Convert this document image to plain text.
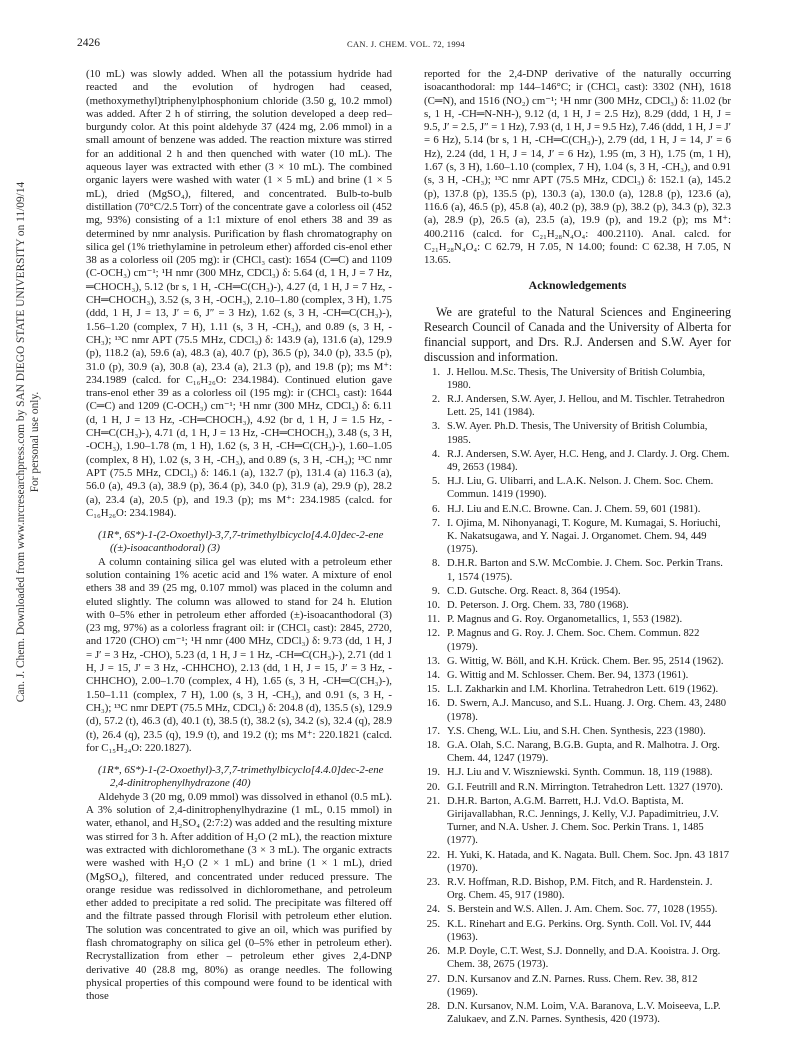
2426	CAN. J. CHEM. VOL. 72, 1994
Can. J. Chem. Downloaded from www.nrcresearchpress.com by SAN DIEGO STATE UNIVERSITY on 11/09/14 For personal use only.

(10 mL) was slowly added. When all the potassium hydride had reacted and the evolution of hydrogen had ceased, (methoxymethyl)triphenylphosphonium chloride (3.50 g, 10.2 mmol) was added. After 2 h of stirring, the solution developed a deep red–burgundy color. At this point aldehyde 37 (424 mg, 2.06 mmol) in a small amount of benzene was added. The reaction mixture was stirred for an additional 2 h and then quenched with water (10 mL). The aqueous layer was extracted with ether (3 × 10 mL). The combined organic layers were washed with water (1 × 5 mL) and brine (1 × 5 mL), dried (MgSO₄), filtered, and concentrated. Bulb-to-bulb distillation (70°C/2.5 Torr) of the concentrate gave a colorless oil (452 mg, 93%) consisting of a 1:1 mixture of enol ethers 38 and 39 as determined by nmr analysis. Purification by flash chromatography on silica gel (1% triethylamine in petroleum ether) afforded cis-enol ether 38 as a colorless oil (205 mg): ir (CHCl₃ cast): 1654 (C═C) and 1109 (C-OCH₃) cm⁻¹; ¹H nmr (300 MHz, CDCl₃) δ: 5.64 (d, 1 H, J = 7 Hz, ═CHOCH₃), 5.12 (br s, 1 H, -CH═C(CH₃)-), 4.27 (d, 1 H, J = 7 Hz, -CH═CHOCH₃), 3.52 (s, 3 H, -OCH₃), 2.10–1.80 (complex, 3 H), 1.75 (ddd, 1 H, J = 13, J′ = 6, J″ = 3 Hz), 1.62 (s, 3 H, -CH═C(CH₃)-), 1.56–1.20 (complex, 7 H), 1.11 (s, 3 H, -CH₃), and 0.89 (s, 3 H, -CH₃); ¹³C nmr APT (75.5 MHz, CDCl₃) δ: 143.9 (a), 131.6 (a), 129.9 (p), 118.2 (a), 59.6 (a), 48.3 (a), 40.7 (p), 36.5 (p), 34.0 (p), 33.5 (p), 31.0 (p), 30.9 (a), 30.8 (a), 23.4 (a), 21.3 (p), and 19.8 (p); ms M⁺: 234.1989 (calcd. for C₁₆H₂₆O: 234.1984). Continued elution gave trans-enol ether 39 as a colorless oil (195 mg): ir (CHCl₃ cast): 1644 (C═C) and 1209 (C-OCH₃) cm⁻¹; ¹H nmr (300 MHz, CDCl₃) δ: 6.11 (d, 1 H, J = 13 Hz, -CH═CHOCH₃), 4.92 (br d, 1 H, J = 1.5 Hz, -CH═C(CH₃)-), 4.71 (d, 1 H, J = 13 Hz, -CH═CHOCH₃), 3.48 (s, 3 H, -OCH₃), 1.90–1.78 (m, 1 H), 1.62 (s, 3 H, -CH═C(CH₃)-), 1.60–1.05 (complex, 8 H), 1.02 (s, 3 H, -CH₃), and 0.89 (s, 3 H, -CH₃); ¹³C nmr APT (75.5 MHz, CDCl₃) δ: 146.1 (a), 132.7 (p), 131.4 (a) 116.3 (a), 56.0 (a), 49.3 (a), 38.9 (p), 36.4 (p), 34.0 (p), 31.9 (a), 29.9 (p), 28.2 (a), 23.4 (a), 20.5 (p), and 19.3 (p); ms M⁺: 234.1985 (calcd. for C₁₆H₂₆O: 234.1984).

(1R*, 6S*)-1-(2-Oxoethyl)-3,7,7-trimethylbicyclo[4.4.0]dec-2-ene
((±)-isoacanthodoral) (3)

A column containing silica gel was eluted with a petroleum ether solution containing 1% acetic acid and 1% water. A mixture of enol ethers 38 and 39 (25 mg, 0.107 mmol) was placed in the column and eluted slightly. The column was allowed to stand for 24 h. Elution with 0–5% ether in petroleum ether afforded (±)-isoacanthodoral (3) (23 mg, 97%) as a colorless fragrant oil: ir (CHCl₃ cast): 2845, 2720, and 1720 (CHO) cm⁻¹; ¹H nmr (400 MHz, CDCl₃) δ: 9.73 (dd, 1 H, J = J′ = 3 Hz, -CHO), 5.23 (d, 1 H, J = 1 Hz, -CH═C(CH₃)-), 2.71 (dd 1 H, J = 15, J′ = 3 Hz, -CHHCHO), 2.13 (dd, 1 H, J = 15, J′ = 3 Hz, -CHHCHO), 2.00–1.70 (complex, 4 H), 1.65 (s, 3 H, -CH═C(CH₃)-), 1.50–1.11 (complex, 7 H), 1.00 (s, 3 H, -CH₃), and 0.91 (s, 3 H, -CH₃); ¹³C nmr DEPT (75.5 MHz, CDCl₃) δ: 204.8 (d), 135.5 (s), 129.9 (d), 57.2 (t), 46.3 (d), 40.1 (t), 38.5 (t), 38.2 (s), 34.2 (s), 32.4 (q), 28.9 (t), 26.4 (q), 23.5 (q), 19.9 (t), and 19.2 (t); ms M⁺: 220.1821 (calcd. for C₁₅H₂₄O: 220.1827).

(1R*, 6S*)-1-(2-Oxoethyl)-3,7,7-trimethylbicyclo[4.4.0]dec-2-ene
2,4-dinitrophenylhydrazone (40)

Aldehyde 3 (20 mg, 0.09 mmol) was dissolved in ethanol (0.5 mL). A 3% solution of 2,4-dinitrophenylhydrazine (1 mL, 0.15 mmol) in water, ethanol, and H₂SO₄ (2:7:2) was added and the resulting mixture was stirred for 3 h. After addition of H₂O (2 mL), the reaction mixture was extracted with dichloromethane (3 × 3 mL). The organic extracts were washed with H₂O (2 × 1 mL) and brine (1 × 1 mL), dried (MgSO₄), filtered, and concentrated under reduced pressure. The orange residue was redissolved in dichloromethane, and petroleum ether added to precipitate a red solid. The precipitate was filtered off and the filtrate passed through Florisil with petroleum ether elution. The solution was concentrated to give an oil, which was purified by flash chromatography on silica gel (0–5% ether in petroleum ether). Recrystallization from ether – petroleum ether gives 2,4-DNP derivative 40 (28.8 mg, 80%) as orange needles. The following physical properties of this compound were found to be identical with those

reported for the 2,4-DNP derivative of the naturally occurring isoacanthodoral: mp 144–146°C; ir (CHCl₃ cast): 3302 (NH), 1618 (C═N), and 1516 (NO₂) cm⁻¹; ¹H nmr (300 MHz, CDCl₃) δ: 11.02 (br s, 1 H, -CH═N-NH-), 9.12 (d, 1 H, J = 2.5 Hz), 8.29 (ddd, 1 H, J = 9.5, J′ = 2.5, J″ = 1 Hz), 7.93 (d, 1 H, J = 9.5 Hz), 7.46 (ddd, 1 H, J = J′ = 6 Hz), 5.14 (br s, 1 H, -CH═C(CH₃)-), 2.79 (dd, 1 H, J = 14, J′ = 6 Hz), 2.24 (dd, 1 H, J = 14, J′ = 6 Hz), 1.95 (m, 3 H), 1.75 (m, 1 H), 1.67 (s, 3 H), 1.60–1.10 (complex, 7 H), 1.04 (s, 3 H, -CH₃), and 0.91 (s, 3 H, -CH₃); ¹³C nmr APT (75.5 MHz, CDCl₃) δ: 152.1 (a), 145.2 (p), 137.8 (p), 135.5 (p), 130.3 (a), 130.0 (a), 128.8 (p), 123.6 (a), 116.6 (a), 46.5 (p), 45.8 (a), 40.2 (p), 38.9 (p), 38.2 (p), 34.3 (p), 32.3 (a), 28.9 (p), 26.5 (a), 23.5 (a), 19.9 (p), and 19.2 (p); ms M⁺: 400.2116 (calcd. for C₂₁H₂₈N₄O₄: 400.2110). Anal. calcd. for C₂₁H₂₈N₄O₄: C 62.79, H 7.05, N 14.00; found: C 62.38, H 7.05, N 13.65.

Acknowledgements

We are grateful to the Natural Sciences and Engineering Research Council of Canada and the University of Alberta for financial support, and Drs. R.J. Andersen and S.W. Ayer for discussion and information.

1. J. Hellou. M.Sc. Thesis, The University of British Columbia, 1980.
2. R.J. Andersen, S.W. Ayer, J. Hellou, and M. Tischler. Tetrahedron Lett. 25, 141 (1984).
3. S.W. Ayer. Ph.D. Thesis, The University of British Columbia, 1985.
4. R.J. Andersen, S.W. Ayer, H.C. Heng, and J. Clardy. J. Org. Chem. 49, 2653 (1984).
5. H.J. Liu, G. Ulibarri, and L.A.K. Nelson. J. Chem. Soc. Chem. Commun. 1419 (1990).
6. H.J. Liu and E.N.C. Browne. Can. J. Chem. 59, 601 (1981).
7. I. Ojima, M. Nihonyanagi, T. Kogure, M. Kumagai, S. Horiuchi, K. Nakatsugawa, and Y. Nagai. J. Organomet. Chem. 94, 449 (1975).
8. D.H.R. Barton and S.W. McCombie. J. Chem. Soc. Perkin Trans. 1, 1574 (1975).
9. C.D. Gutsche. Org. React. 8, 364 (1954).
10. D. Peterson. J. Org. Chem. 33, 780 (1968).
11. P. Magnus and G. Roy. Organometallics, 1, 553 (1982).
12. P. Magnus and G. Roy. J. Chem. Soc. Chem. Commun. 822 (1979).
13. G. Wittig, W. Böll, and K.H. Krück. Chem. Ber. 95, 2514 (1962).
14. G. Wittig and M. Schlosser. Chem. Ber. 94, 1373 (1961).
15. L.I. Zakharkin and I.M. Khorlina. Tetrahedron Lett. 619 (1962).
16. D. Swern, A.J. Mancuso, and S.L. Huang. J. Org. Chem. 43, 2480 (1978).
17. Y.S. Cheng, W.L. Liu, and S.H. Chen. Synthesis, 223 (1980).
18. G.A. Olah, S.C. Narang, B.G.B. Gupta, and R. Malhotra. J. Org. Chem. 44, 1247 (1979).
19. H.J. Liu and V. Wiszniewski. Synth. Commun. 18, 119 (1988).
20. G.I. Feutrill and R.N. Mirrington. Tetrahedron Lett. 1327 (1970).
21. D.H.R. Barton, A.G.M. Barrett, H.J. Vd.O. Baptista, M. Girijavallabhan, R.C. Jennings, J. Kelly, V.J. Papadimitrieu, J.V. Turner, and N.A. Usher. J. Chem. Soc. Perkin Trans. 1, 1485 (1977).
22. H. Yuki, K. Hatada, and K. Nagata. Bull. Chem. Soc. Jpn. 43 1817 (1970).
23. R.V. Hoffman, R.D. Bishop, P.M. Fitch, and R. Hardenstein. J. Org. Chem. 45, 917 (1980).
24. S. Berstein and W.S. Allen. J. Am. Chem. Soc. 77, 1028 (1955).
25. K.L. Rinehart and E.G. Perkins. Org. Synth. Coll. Vol. IV, 444 (1963).
26. M.P. Doyle, C.T. West, S.J. Donnelly, and D.A. Kooistra. J. Org. Chem. 38, 2675 (1973).
27. D.N. Kursanov and Z.N. Parnes. Russ. Chem. Rev. 38, 812 (1969).
28. D.N. Kursanov, N.M. Loim, V.A. Baranova, L.V. Moiseeva, L.P. Zalukaev, and Z.N. Parnes. Synthesis, 420 (1973).
